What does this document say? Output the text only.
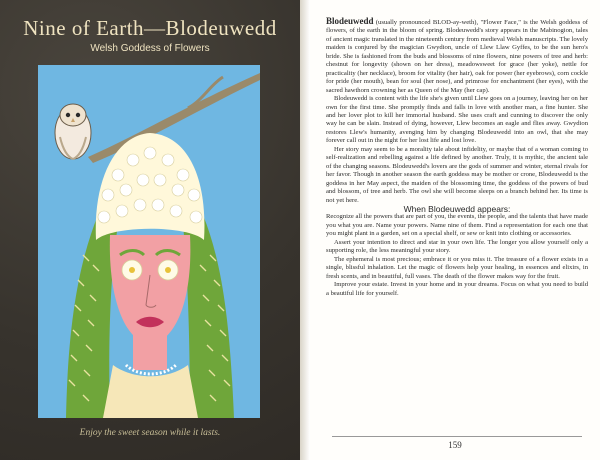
Nine of Earth—Blodeuwedd
Welsh Goddess of Flowers
Enjoy the sweet season while it lasts.

Blodeuwedd (usually pronounced BLOD-ay-weth), "Flower Face," is the Welsh goddess of flowers, of the earth in the bloom of spring. Blodeuwedd's story appears in the Mabinogion, tales of ancient magic translated in the nineteenth century from medieval Welsh manuscripts. The lovely maiden is conjured by the magician Gwydion, uncle of Llew Llaw Gyffes, to be the sun hero's bride. She is fashioned from the buds and blossoms of nine flowers, nine powers of tree and herb: chestnut for longevity (shown on her dress), meadowsweet for grace (her yoke), nettle for practicality (her necklace), broom for vitality (her hair), oak for power (her eyebrows), corn cockle for pride (her mouth), bean for soul (her nose), and primrose for enchantment (her eyes), with the sacred hawthorn crowning her as Queen of the May (her cap).

Blodeuwedd is content with the life she's given until Llew goes on a journey, leaving her on her own for the first time. She promptly finds and falls in love with another man, a fine hunter. She and her lover plot to kill her immortal husband. She uses craft and cunning to discover the only way he can be slain. Instead of dying, however, Llew becomes an eagle and flies away. Gwydion restores Llew's humanity, avenging him by changing Blodeuwedd into an owl, that she may forever call out in the night for her lost life and lost love.

Her story may seem to be a morality tale about infidelity, or maybe that of a woman coming to self-realization and rebelling against a life defined by another. Truly, it is mythic, the ancient tale of the changing seasons. Blodeuwedd's lovers are the gods of summer and winter, eternal rivals for her favor. Though in another season the earth goddess may be mother or crone, Blodeuwedd is the goddess in her May aspect, the maiden of the blossoming time, the goddess of the powers of bud and blossom, of tree and herb. The owl she will become sleeps on a branch behind her. Its time is not yet here.

When Blodeuwedd appears:

Recognize all the powers that are part of you, the events, the people, and the talents that have made you what you are. Name your powers. Name nine of them. Find a representation for each one that you might plant in a garden, set on a special shelf, or sew or knit into clothing or accessories.

Assert your intention to direct and star in your own life. The longer you allow yourself only a supporting role, the less meaningful your story.

The ephemeral is most precious; embrace it or you miss it. The treasure of a flower exists in a single, blissful inhalation. Let the magic of flowers help your healing, in essences and elixirs, in fresh scents, and in beautiful, full vases. The death of the flower makes way for the fruit.

Improve your estate. Invest in your home and in your dreams. Focus on what you need to build a beautiful life for yourself.

159
